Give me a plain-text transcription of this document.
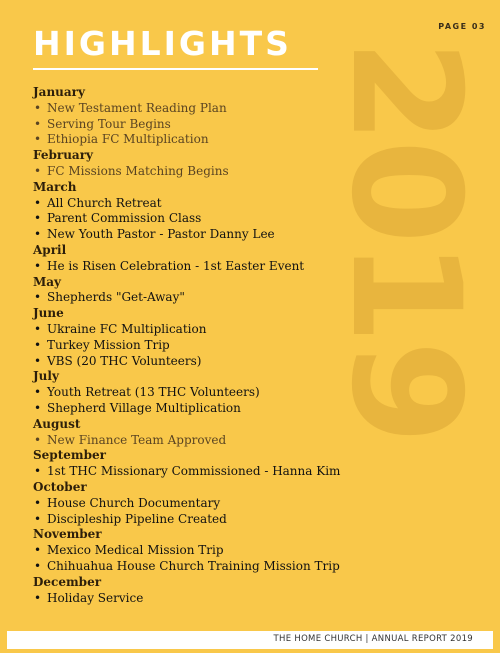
PAGE 03
HIGHLIGHTS 2019
January
• New Testament Reading Plan
• Serving Tour Begins
• Ethiopia FC Multiplication
February
• FC Missions Matching Begins
March
• All Church Retreat
• Parent Commission Class
• New Youth Pastor - Pastor Danny Lee
April
• He is Risen Celebration - 1st Easter Event
May
• Shepherds "Get-Away"
June
• Ukraine FC Multiplication
• Turkey Mission Trip
• VBS (20 THC Volunteers)
July
• Youth Retreat (13 THC Volunteers)
• Shepherd Village Multiplication
August
• New Finance Team Approved
September
• 1st THC Missionary Commissioned - Hanna Kim
October
• House Church Documentary
• Discipleship Pipeline Created
November
• Mexico Medical Mission Trip
• Chihuahua House Church Training Mission Trip
December
• Holiday Service
THE HOME CHURCH | ANNUAL REPORT 2019
